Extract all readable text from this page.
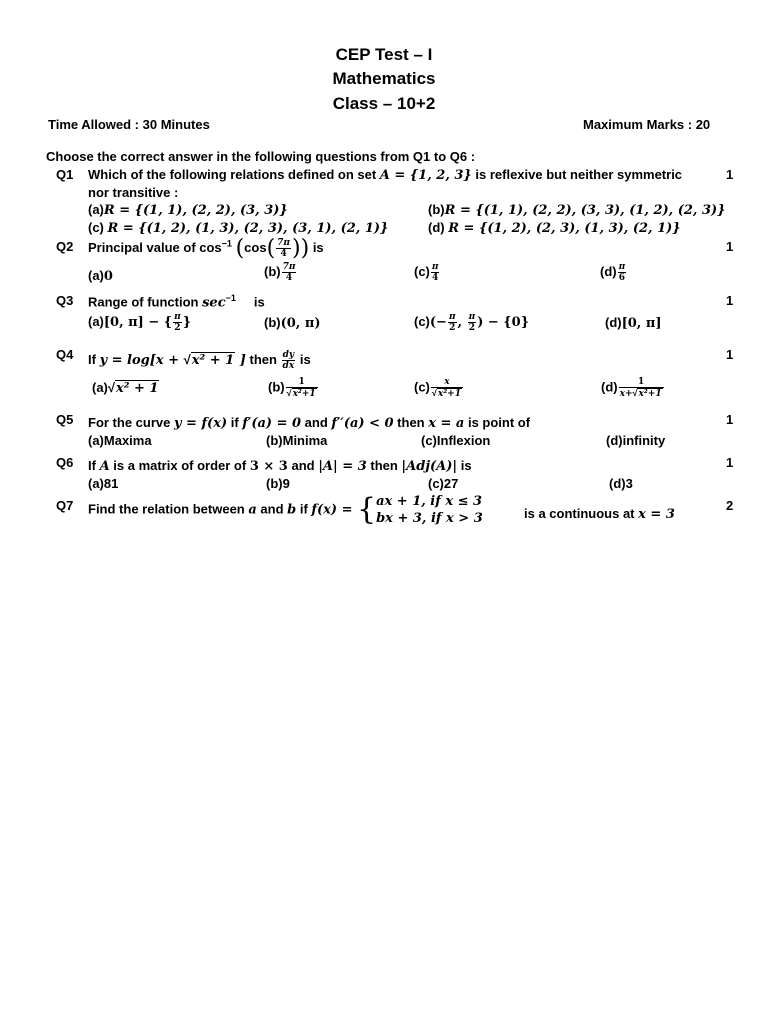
CEP Test – I
Mathematics
Class – 10+2
Time Allowed : 30 Minutes	Maximum Marks : 20
Choose the correct answer in the following questions from Q1 to Q6 :
Q1 Which of the following relations defined on set A = {1, 2, 3} is reflexive but neither symmetric
nor transitive :
1
(a)R = {(1, 1), (2, 2), (3, 3)}	(b)R = {(1, 1), (2, 2), (3, 3), (1, 2), (2, 3)}
(c) R = {(1, 2), (1, 3), (2, 3), (3, 1), (2, 1)}	(d) R = {(1, 2), (2, 3), (1, 3), (2, 1)}
Q2 Principal value of $\cos^{-1} (\cos( \frac{7\pi}{4}$ )) is	1
(a)0	$(b) \frac{7\pi}{4}$	$(c) \frac{\pi}{4}$	$(d) \frac{\pi}{6}$
Q3 Range of function $\sec^{-1}$ is	1
(a)[0, π] − { $\frac{\pi}{2}$ }	(b)(0, π)	$(c)(- \frac{\pi}{2}$ , $\frac{\pi}{2}$ ) − {0}	(d)[0, π]
Q4 If y = log[x + √x² + 1 ] then $\frac{dy}{dx}$ is	1
(a)√x² + 1	$(b) \frac{1}{\text{√x²+1}}$	$(c) \frac{x}{\text{√x²+1}}$	$(d) \frac{1}{\text{x+√x²+1}}$
Q5 For the curve y = f(x) if f′(a) = 0 and f′′(a) < 0 then x = a is point of	1
(a)Maxima	(b)Minima	(c)Inflexion	(d)infinity
Q6 If A is a matrix of order of 3 × 3 and |A| = 3 then |Adj(A)| is	1
(a)81	(b)9	(c)27	(d)3
Q7 Find the relation between a and b if f(x) = { ax + 1, if x ≤ 3
bx + 3, if x > 3	is a continuous at x = 3
2
